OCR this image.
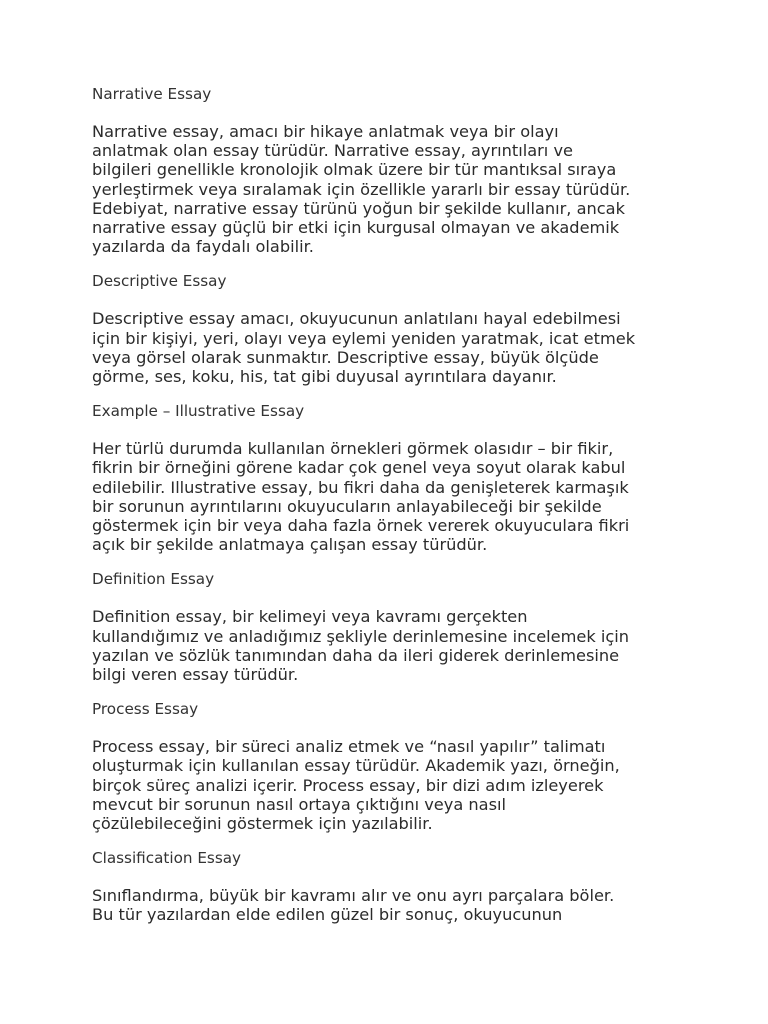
Narrative Essay
Narrative essay, amacı bir hikaye anlatmak veya bir olayı
anlatmak olan essay türüdür. Narrative essay, ayrıntıları ve
bilgileri genellikle kronolojik olmak üzere bir tür mantıksal sıraya
yerleştirmek veya sıralamak için özellikle yararlı bir essay türüdür.
Edebiyat, narrative essay türünü yoğun bir şekilde kullanır, ancak
narrative essay güçlü bir etki için kurgusal olmayan ve akademik
yazılarda da faydalı olabilir.
Descriptive Essay
Descriptive essay amacı, okuyucunun anlatılanı hayal edebilmesi
için bir kişiyi, yeri, olayı veya eylemi yeniden yaratmak, icat etmek
veya görsel olarak sunmaktır. Descriptive essay, büyük ölçüde
görme, ses, koku, his, tat gibi duyusal ayrıntılara dayanır.
Example – Illustrative Essay
Her türlü durumda kullanılan örnekleri görmek olasıdır – bir fikir,
fikrin bir örneğini görene kadar çok genel veya soyut olarak kabul
edilebilir. Illustrative essay, bu fikri daha da genişleterek karmaşık
bir sorunun ayrıntılarını okuyucuların anlayabileceği bir şekilde
göstermek için bir veya daha fazla örnek vererek okuyuculara fikri
açık bir şekilde anlatmaya çalışan essay türüdür.
Definition Essay
Definition essay, bir kelimeyi veya kavramı gerçekten
kullandığımız ve anladığımız şekliyle derinlemesine incelemek için
yazılan ve sözlük tanımından daha da ileri giderek derinlemesine
bilgi veren essay türüdür.
Process Essay
Process essay, bir süreci analiz etmek ve “nasıl yapılır” talimatı
oluşturmak için kullanılan essay türüdür. Akademik yazı, örneğin,
birçok süreç analizi içerir. Process essay, bir dizi adım izleyerek
mevcut bir sorunun nasıl ortaya çıktığını veya nasıl
çözülebileceğini göstermek için yazılabilir.
Classification Essay
Sınıflandırma, büyük bir kavramı alır ve onu ayrı parçalara böler.
Bu tür yazılardan elde edilen güzel bir sonuç, okuyucunun
